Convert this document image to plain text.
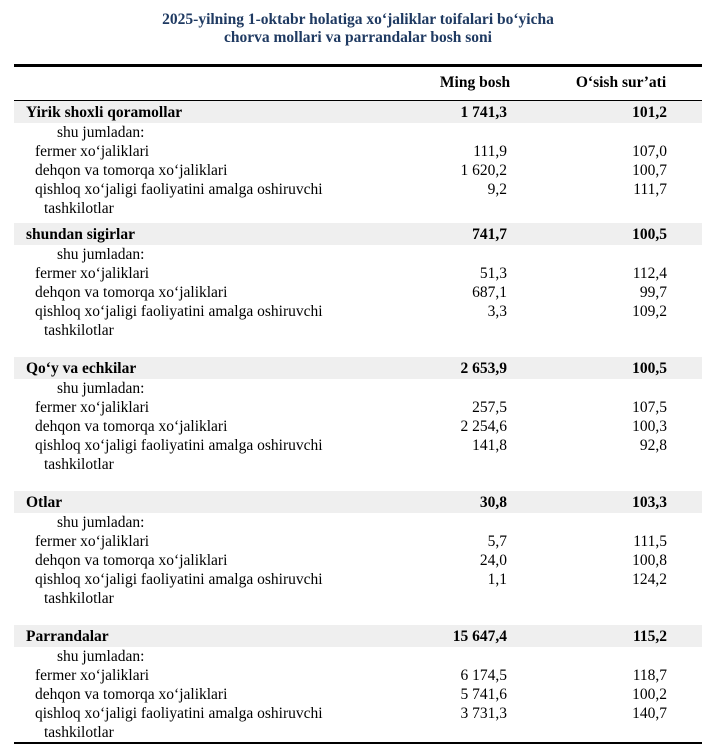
2025-yilning 1-oktabr holatiga xoʻjaliklar toifalari boʻyicha
chorva mollari va parrandalar bosh soni
	Ming bosh	Oʻsish sur’ati
Yirik shoxli qoramollar	1 741,3	101,2
shu jumladan:		
fermer xoʻjaliklari	111,9	107,0
dehqon va tomorqa xoʻjaliklari	1 620,2	100,7

qishloq xoʻjaligi faoliyatini amalga oshiruvchi
tashkilotlar	9,2	111,7

shundan sigirlar	741,7	100,5
shu jumladan:		
fermer xoʻjaliklari	51,3	112,4
dehqon va tomorqa xoʻjaliklari	687,1	99,7

qishloq xoʻjaligi faoliyatini amalga oshiruvchi
tashkilotlar	3,3	109,2

Qoʻy va echkilar	2 653,9	100,5
shu jumladan:		
fermer xoʻjaliklari	257,5	107,5
dehqon va tomorqa xoʻjaliklari	2 254,6	100,3

qishloq xoʻjaligi faoliyatini amalga oshiruvchi
tashkilotlar	141,8	92,8

Otlar	30,8	103,3
shu jumladan:		
fermer xoʻjaliklari	5,7	111,5
dehqon va tomorqa xoʻjaliklari	24,0	100,8

qishloq xoʻjaligi faoliyatini amalga oshiruvchi
tashkilotlar	1,1	124,2

Parrandalar	15 647,4	115,2
shu jumladan:		
fermer xoʻjaliklari	6 174,5	118,7
dehqon va tomorqa xoʻjaliklari	5 741,6	100,2

qishloq xoʻjaligi faoliyatini amalga oshiruvchi
tashkilotlar	3 731,3	140,7
